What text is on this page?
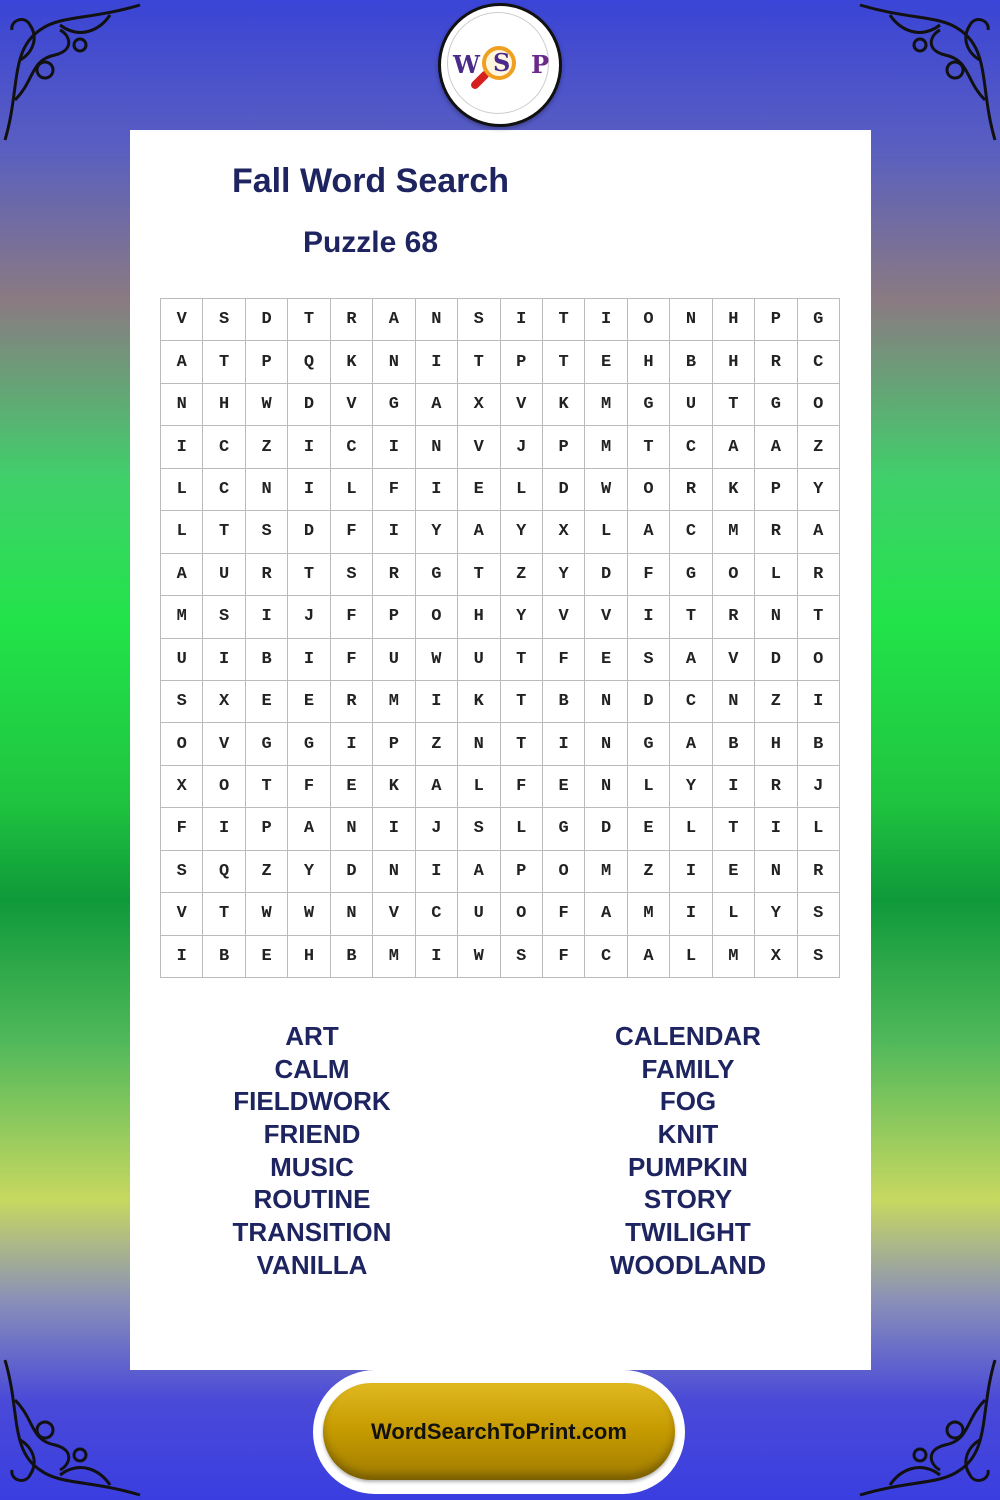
W S P
Fall Word Search
Puzzle 68
V	S	D	T	R	A	N	S	I	T	I	O	N	H	P	G
A	T	P	Q	K	N	I	T	P	T	E	H	B	H	R	C
N	H	W	D	V	G	A	X	V	K	M	G	U	T	G	O
I	C	Z	I	C	I	N	V	J	P	M	T	C	A	A	Z
L	C	N	I	L	F	I	E	L	D	W	O	R	K	P	Y
L	T	S	D	F	I	Y	A	Y	X	L	A	C	M	R	A
A	U	R	T	S	R	G	T	Z	Y	D	F	G	O	L	R
M	S	I	J	F	P	O	H	Y	V	V	I	T	R	N	T
U	I	B	I	F	U	W	U	T	F	E	S	A	V	D	O
S	X	E	E	R	M	I	K	T	B	N	D	C	N	Z	I
O	V	G	G	I	P	Z	N	T	I	N	G	A	B	H	B
X	O	T	F	E	K	A	L	F	E	N	L	Y	I	R	J
F	I	P	A	N	I	J	S	L	G	D	E	L	T	I	L
S	Q	Z	Y	D	N	I	A	P	O	M	Z	I	E	N	R
V	T	W	W	N	V	C	U	O	F	A	M	I	L	Y	S
I	B	E	H	B	M	I	W	S	F	C	A	L	M	X	S
ART
CALM
FIELDWORK
FRIEND
MUSIC
ROUTINE
TRANSITION
VANILLA
CALENDAR
FAMILY
FOG
KNIT
PUMPKIN
STORY
TWILIGHT
WOODLAND
WordSearchToPrint.com
